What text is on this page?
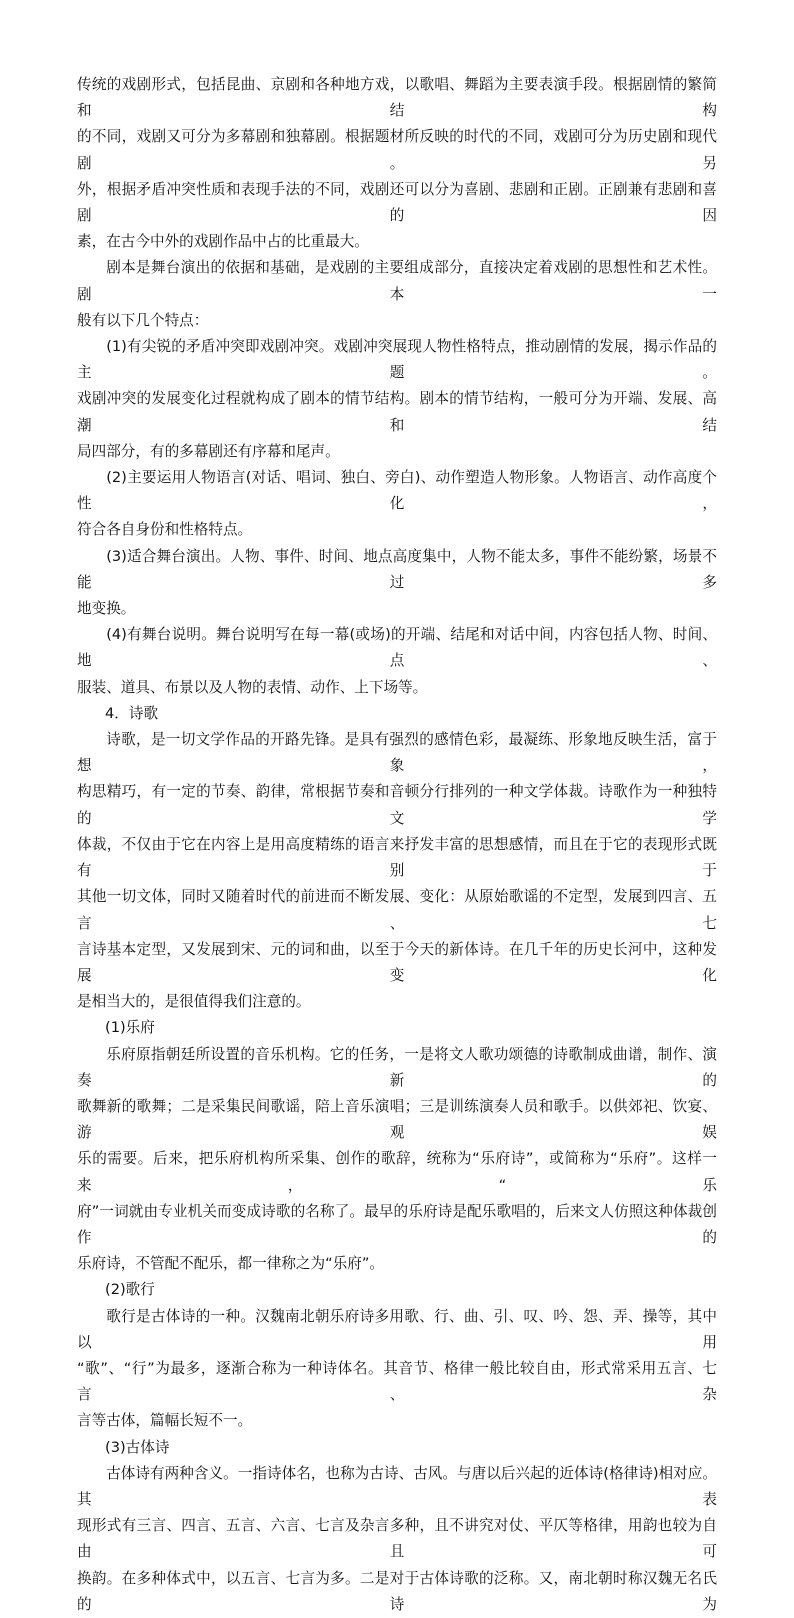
传统的戏剧形式，包括昆曲、京剧和各种地方戏，以歌唱、舞蹈为主要表演手段。根据剧情的繁简和结构

的不同，戏剧又可分为多幕剧和独幕剧。根据题材所反映的时代的不同，戏剧可分为历史剧和现代剧。另

外，根据矛盾冲突性质和表现手法的不同，戏剧还可以分为喜剧、悲剧和正剧。正剧兼有悲剧和喜剧的因

素，在古今中外的戏剧作品中占的比重最大。

剧本是舞台演出的依据和基础，是戏剧的主要组成部分，直接决定着戏剧的思想性和艺术性。剧本一

般有以下几个特点：

(1)有尖锐的矛盾冲突即戏剧冲突。戏剧冲突展现人物性格特点，推动剧情的发展，揭示作品的主题。

戏剧冲突的发展变化过程就构成了剧本的情节结构。剧本的情节结构，一般可分为开端、发展、高潮和结

局四部分，有的多幕剧还有序幕和尾声。

(2)主要运用人物语言(对话、唱词、独白、旁白)、动作塑造人物形象。人物语言、动作高度个性化，

符合各自身份和性格特点。

(3)适合舞台演出。人物、事件、时间、地点高度集中，人物不能太多，事件不能纷繁，场景不能过多

地变换。

(4)有舞台说明。舞台说明写在每一幕(或场)的开端、结尾和对话中间，内容包括人物、时间、地点、

服装、道具、布景以及人物的表情、动作、上下场等。

4．诗歌

诗歌，是一切文学作品的开路先锋。是具有强烈的感情色彩，最凝练、形象地反映生活，富于想象，

构思精巧，有一定的节奏、韵律，常根据节奏和音顿分行排列的一种文学体裁。诗歌作为一种独特的文学

体裁，不仅由于它在内容上是用高度精练的语言来抒发丰富的思想感情，而且在于它的表现形式既有别于

其他一切文体，同时又随着时代的前进而不断发展、变化：从原始歌谣的不定型，发展到四言、五言、七

言诗基本定型，又发展到宋、元的词和曲，以至于今天的新体诗。在几千年的历史长河中，这种发展变化

是相当大的，是很值得我们注意的。

(1)乐府

乐府原指朝廷所设置的音乐机构。它的任务，一是将文人歌功颂德的诗歌制成曲谱，制作、演奏新的

歌舞新的歌舞；二是采集民间歌谣，陪上音乐演唱；三是训练演奏人员和歌手。以供郊祀、饮宴、游观娱

乐的需要。后来，把乐府机构所采集、创作的歌辞，统称为“乐府诗”，或简称为“乐府”。这样一来，“乐

府”一词就由专业机关而变成诗歌的名称了。最早的乐府诗是配乐歌唱的，后来文人仿照这种体裁创作的

乐府诗，不管配不配乐，都一律称之为“乐府”。

(2)歌行

歌行是古体诗的一种。汉魏南北朝乐府诗多用歌、行、曲、引、叹、吟、怨、弄、操等，其中以用

“歌”、“行”为最多，逐渐合称为一种诗体名。其音节、格律一般比较自由，形式常采用五言、七言、杂

言等古体，篇幅长短不一。

(3)古体诗

古体诗有两种含义。一指诗体名，也称为古诗、古风。与唐以后兴起的近体诗(格律诗)相对应。其表

现形式有三言、四言、五言、六言、七言及杂言多种，且不讲究对仗、平仄等格律，用韵也较为自由且可

换韵。在多种体式中，以五言、七言为多。二是对于古体诗歌的泛称。又，南北朝时称汉魏无名氏的诗为
